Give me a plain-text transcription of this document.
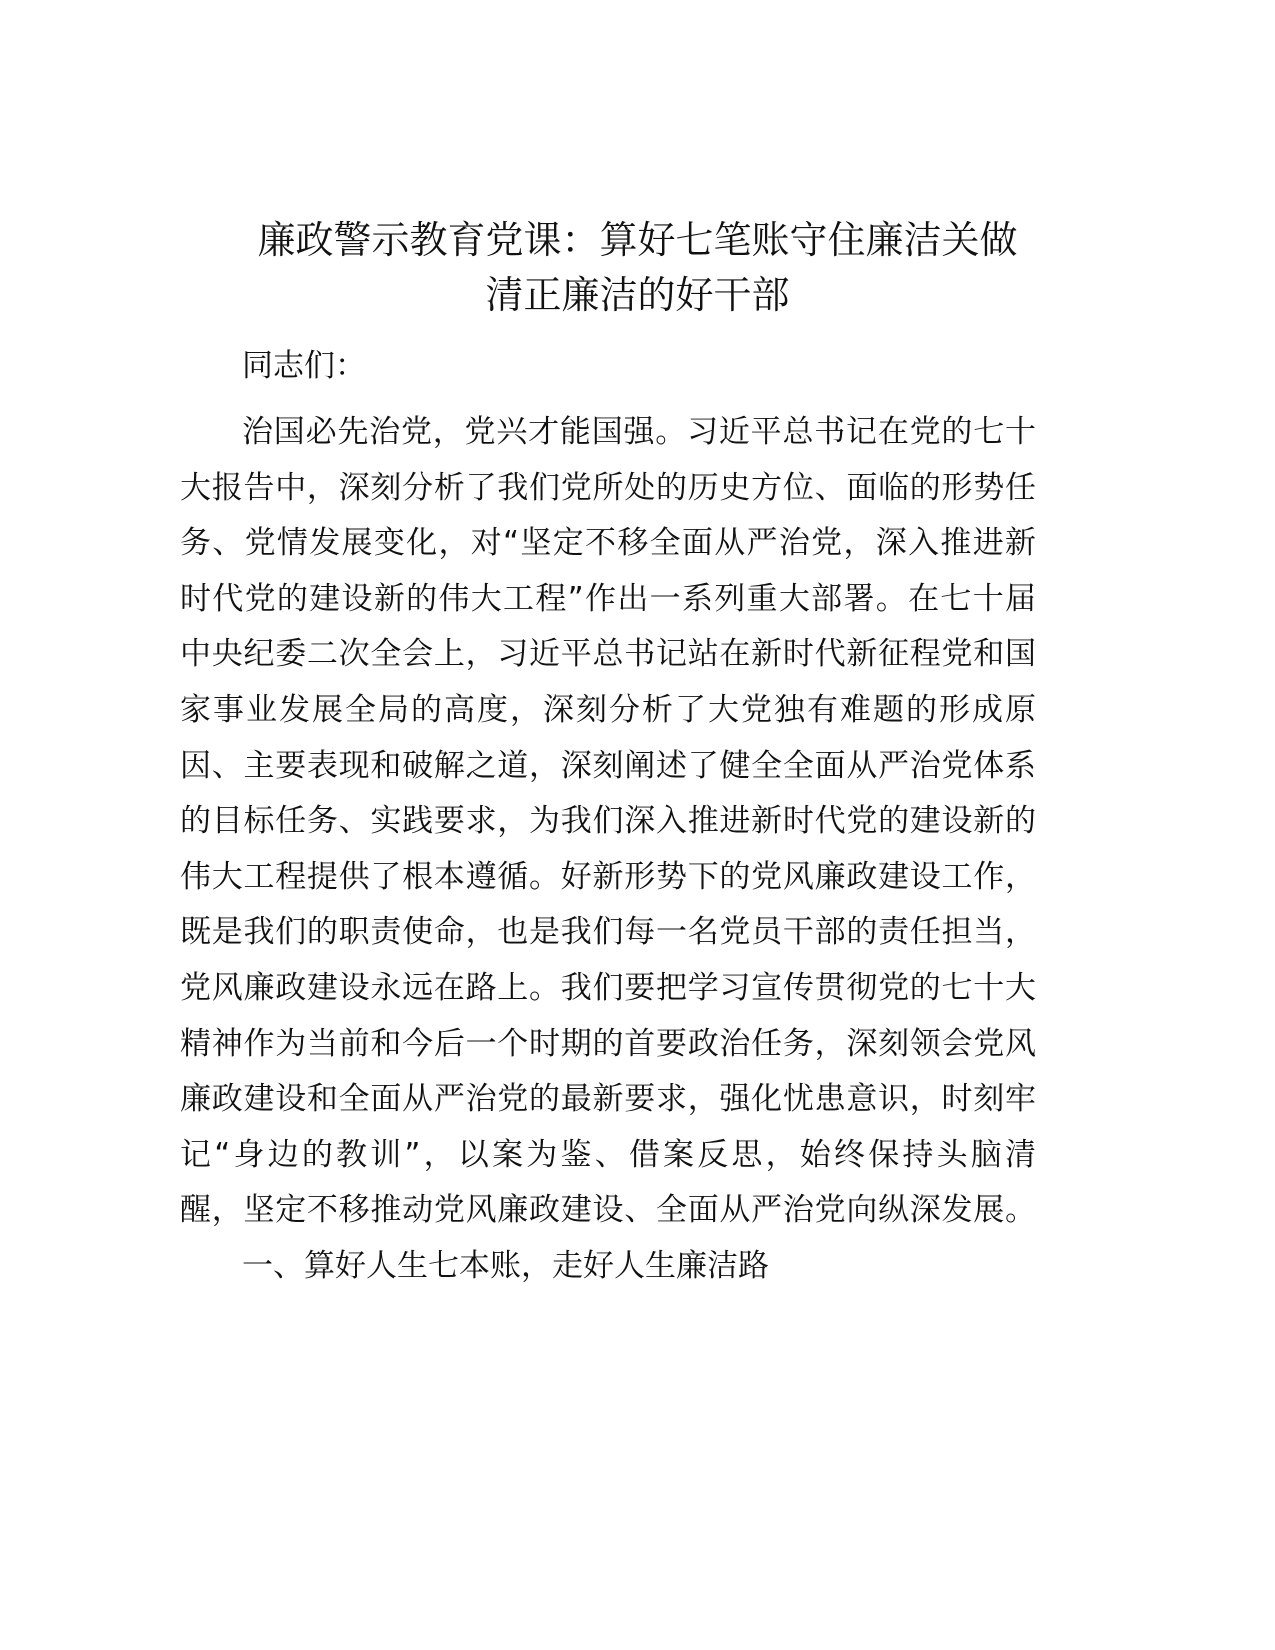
廉政警示教育党课：算好七笔账守住廉洁关做
清正廉洁的好干部
同志们：
治国必先治党，党兴才能国强。习近平总书记在党的七十
大报告中，深刻分析了我们党所处的历史方位、面临的形势任
务、党情发展变化，对“坚定不移全面从严治党，深入推进新
时代党的建设新的伟大工程”作出一系列重大部署。在七十届
中央纪委二次全会上，习近平总书记站在新时代新征程党和国
家事业发展全局的高度，深刻分析了大党独有难题的形成原
因、主要表现和破解之道，深刻阐述了健全全面从严治党体系
的目标任务、实践要求，为我们深入推进新时代党的建设新的
伟大工程提供了根本遵循。好新形势下的党风廉政建设工作，
既是我们的职责使命，也是我们每一名党员干部的责任担当，
党风廉政建设永远在路上。我们要把学习宣传贯彻党的七十大
精神作为当前和今后一个时期的首要政治任务，深刻领会党风
廉政建设和全面从严治党的最新要求，强化忧患意识，时刻牢
记“身边的教训”，以案为鉴、借案反思，始终保持头脑清
醒，坚定不移推动党风廉政建设、全面从严治党向纵深发展。
一、算好人生七本账，走好人生廉洁路
